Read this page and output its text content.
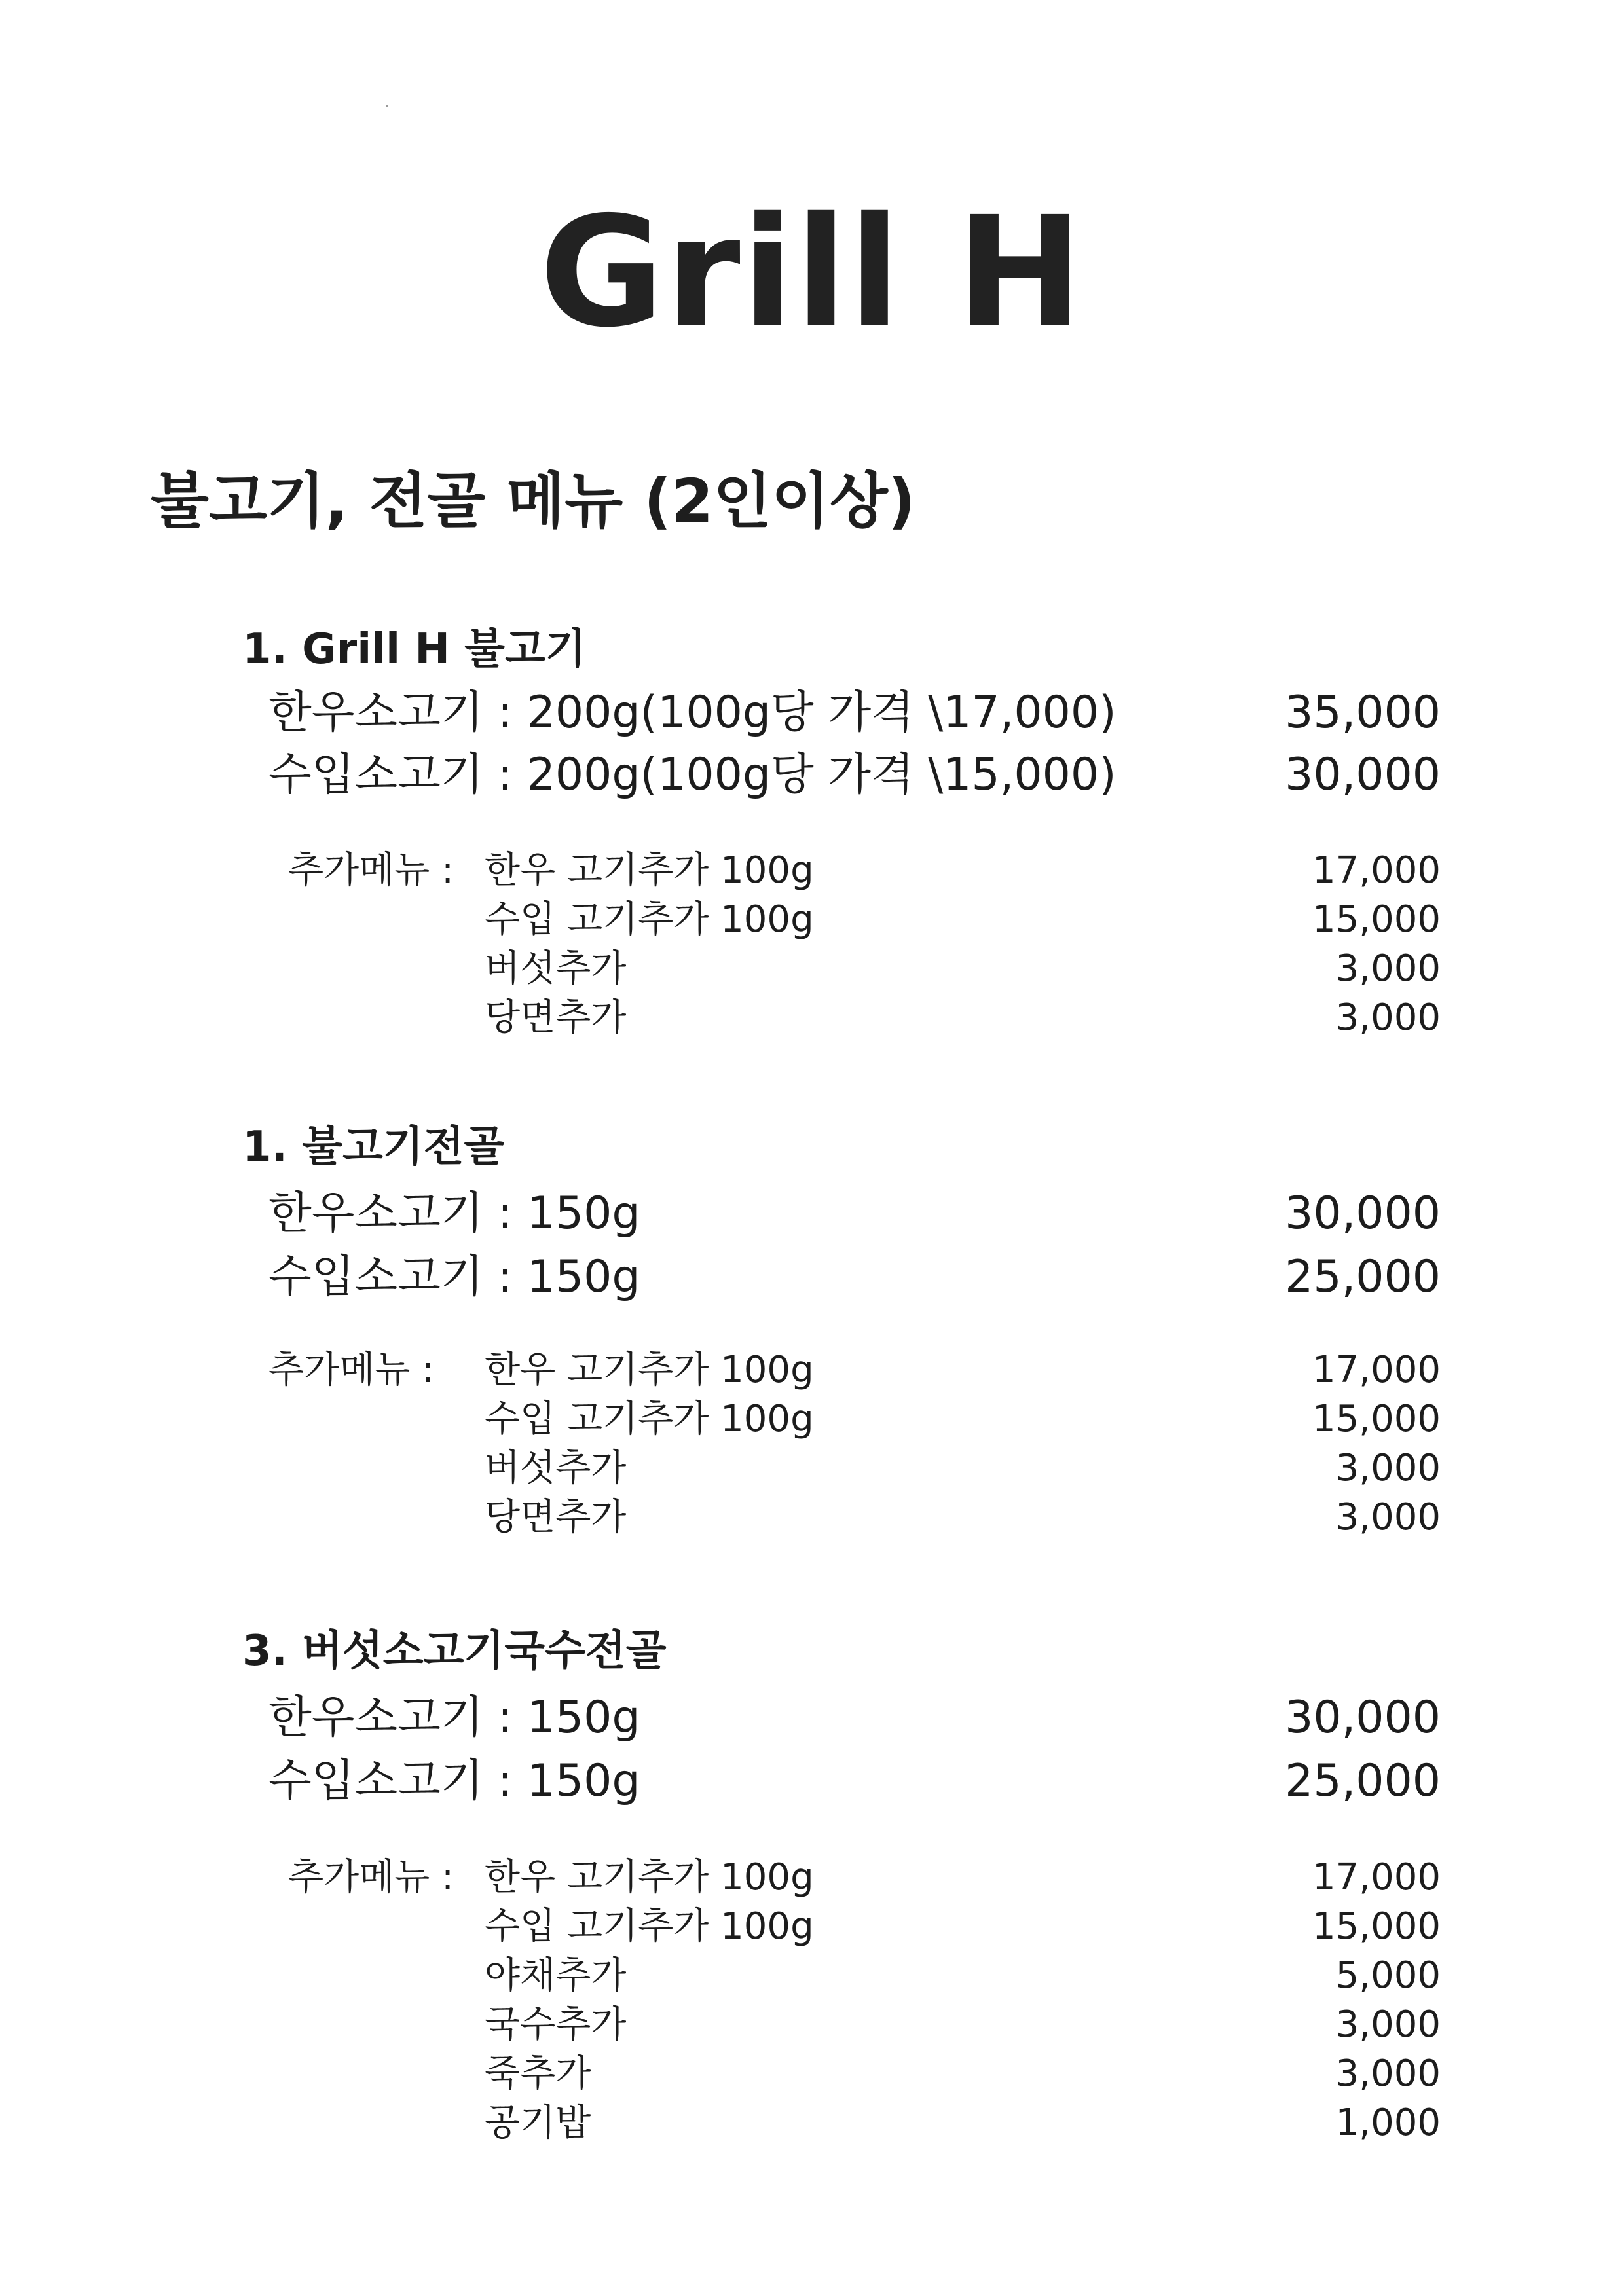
Grill H
불고기, 전골 메뉴 (2인이상)
1. Grill H 불고기
한우소고기 : 200g(100g당 가격 \17,000)	35,000
수입소고기 : 200g(100g당 가격 \15,000)	30,000
추가메뉴 : 한우 고기추가 100g	17,000
수입 고기추가 100g	15,000
버섯추가	3,000
당면추가	3,000
1. 불고기전골
한우소고기 : 150g	30,000
수입소고기 : 150g	25,000
추가메뉴 : 한우 고기추가 100g	17,000
수입 고기추가 100g	15,000
버섯추가	3,000
당면추가	3,000
3. 버섯소고기국수전골
한우소고기 : 150g	30,000
수입소고기 : 150g	25,000
추가메뉴 : 한우 고기추가 100g	17,000
수입 고기추가 100g	15,000
야채추가	5,000
국수추가	3,000
죽추가	3,000
공기밥	1,000
